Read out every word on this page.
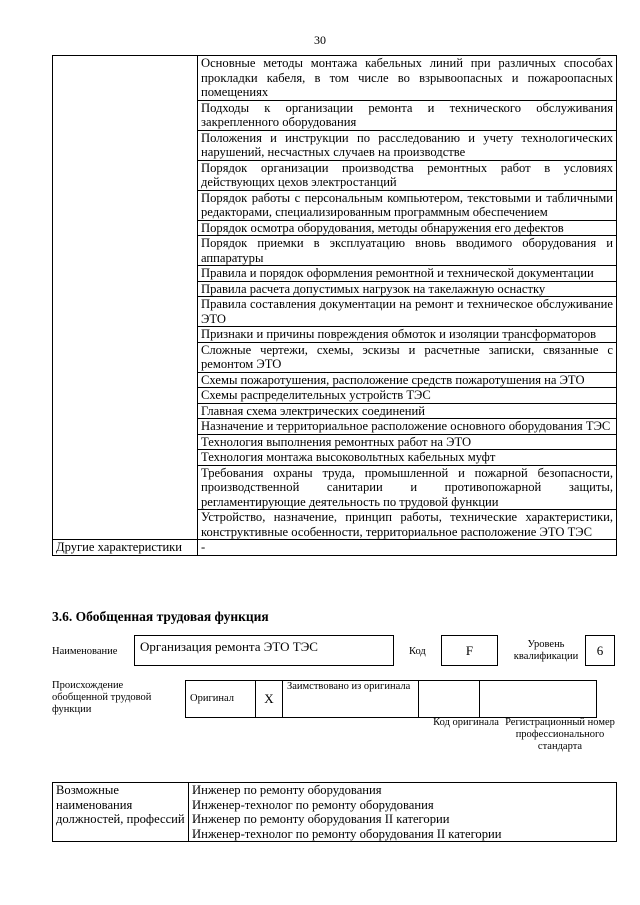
30
	Основные методы монтажа кабельных линий при различных способах прокладки кабеля, в том числе во взрывоопасных и пожароопасных помещениях
	Подходы к организации ремонта и технического обслуживания закрепленного оборудования
	Положения и инструкции по расследованию и учету технологических нарушений, несчастных случаев на производстве
	Порядок организации производства ремонтных работ в условиях действующих цехов электростанций
	Порядок работы с персональным компьютером, текстовыми и табличными редакторами, специализированным программным обеспечением
	Порядок осмотра оборудования, методы обнаружения его дефектов
	Порядок приемки в эксплуатацию вновь вводимого оборудования и аппаратуры
	Правила и порядок оформления ремонтной и технической документации
	Правила расчета допустимых нагрузок на такелажную оснастку
	Правила составления документации на ремонт и техническое обслуживание ЭТО
	Признаки и причины повреждения обмоток и изоляции трансформаторов
	Сложные чертежи, схемы, эскизы и расчетные записки, связанные с ремонтом ЭТО
	Схемы пожаротушения, расположение средств пожаротушения на ЭТО
	Схемы распределительных устройств ТЭС
	Главная схема электрических соединений
	Назначение и территориальное расположение основного оборудования ТЭС
	Технология выполнения ремонтных работ на ЭТО
	Технология монтажа высоковольтных кабельных муфт
	Требования охраны труда, промышленной и пожарной безопасности, производственной санитарии и противопожарной защиты, регламентирующие деятельность по трудовой функции
	Устройство, назначение, принцип работы, технические характеристики, конструктивные особенности, территориальное расположение ЭТО ТЭС
Другие характеристики	-
3.6. Обобщенная трудовая функция
Наименование	Организация ремонта ЭТО ТЭС	Код	F	Уровень квалификации	6
Происхождение обобщенной трудовой функции
Оригинал	X	Заимствовано из оригинала		
Код оригинала Регистрационный номер профессионального стандарта
Возможные наименования должностей, профессий	
Инженер по ремонту оборудования
Инженер-технолог по ремонту оборудования
Инженер по ремонту оборудования II категории
Инженер-технолог по ремонту оборудования II категории
